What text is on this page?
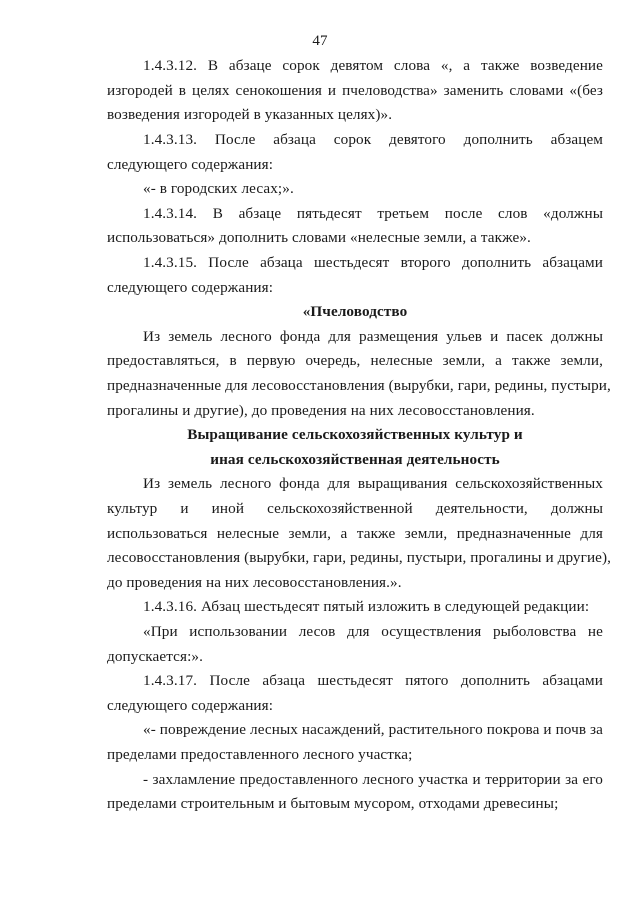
47
1.4.3.12. В абзаце сорок девятом слова «, а также возведение
изгородей в целях сенокошения и пчеловодства» заменить словами «(без
возведения изгородей в указанных целях)».
1.4.3.13. После абзаца сорок девятого дополнить абзацем
следующего содержания:
«- в городских лесах;».
1.4.3.14. В абзаце пятьдесят третьем после слов «должны
использоваться» дополнить словами «нелесные земли, а также».
1.4.3.15. После абзаца шестьдесят второго дополнить абзацами
следующего содержания:
«Пчеловодство
Из земель лесного фонда для размещения ульев и пасек должны
предоставляться, в первую очередь, нелесные земли, а также земли,
предназначенные для лесовосстановления (вырубки, гари, редины, пустыри,
прогалины и другие), до проведения на них лесовосстановления.
Выращивание сельскохозяйственных культур и
иная сельскохозяйственная деятельность
Из земель лесного фонда для выращивания сельскохозяйственных
культур и иной сельскохозяйственной деятельности, должны
использоваться нелесные земли, а также земли, предназначенные для
лесовосстановления (вырубки, гари, редины, пустыри, прогалины и другие),
до проведения на них лесовосстановления.».
1.4.3.16. Абзац шестьдесят пятый изложить в следующей редакции:
«При использовании лесов для осуществления рыболовства не
допускается:».
1.4.3.17. После абзаца шестьдесят пятого дополнить абзацами
следующего содержания:
«- повреждение лесных насаждений, растительного покрова и почв за
пределами предоставленного лесного участка;
- захламление предоставленного лесного участка и территории за его
пределами строительным и бытовым мусором, отходами древесины;
